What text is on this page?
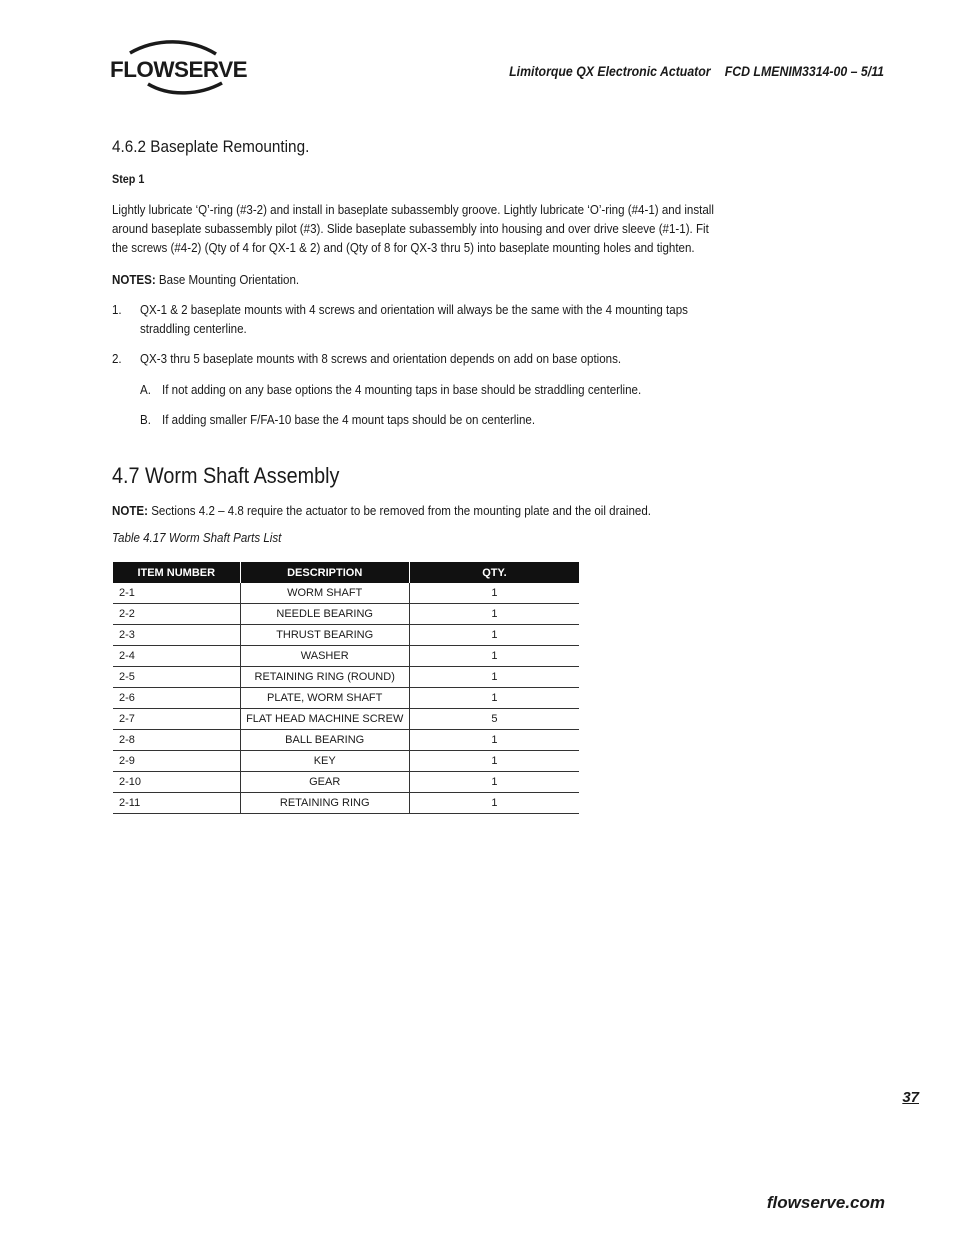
FLOWSERVE	Limitorque QX Electronic Actuator FCD LMENIM3314-00 – 5/11
4.6.2 Baseplate Remounting.
Step 1
Lightly lubricate ‘Q’-ring (#3-2) and install in baseplate subassembly groove. Lightly lubricate ‘O’-ring (#4-1) and install
around baseplate subassembly pilot (#3). Slide baseplate subassembly into housing and over drive sleeve (#1-1). Fit
the screws (#4-2) (Qty of 4 for QX-1 & 2) and (Qty of 8 for QX-3 thru 5) into baseplate mounting holes and tighten.
NOTES: Base Mounting Orientation.
1. QX-1 & 2 baseplate mounts with 4 screws and orientation will always be the same with the 4 mounting taps
straddling centerline.
2. QX-3 thru 5 baseplate mounts with 8 screws and orientation depends on add on base options.
A. If not adding on any base options the 4 mounting taps in base should be straddling centerline.
B. If adding smaller F/FA-10 base the 4 mount taps should be on centerline.
4.7 Worm Shaft Assembly
NOTE: Sections 4.2 – 4.8 require the actuator to be removed from the mounting plate and the oil drained.
Table 4.17 Worm Shaft Parts List
ITEM NUMBER	DESCRIPTION	QTY.
2-1	WORM SHAFT	1
2-2	NEEDLE BEARING	1
2-3	THRUST BEARING	1
2-4	WASHER	1
2-5	RETAINING RING (ROUND)	1
2-6	PLATE, WORM SHAFT	1
2-7	FLAT HEAD MACHINE SCREW	5
2-8	BALL BEARING	1
2-9	KEY	1
2-10	GEAR	1
2-11	RETAINING RING	1
37
flowserve.com
